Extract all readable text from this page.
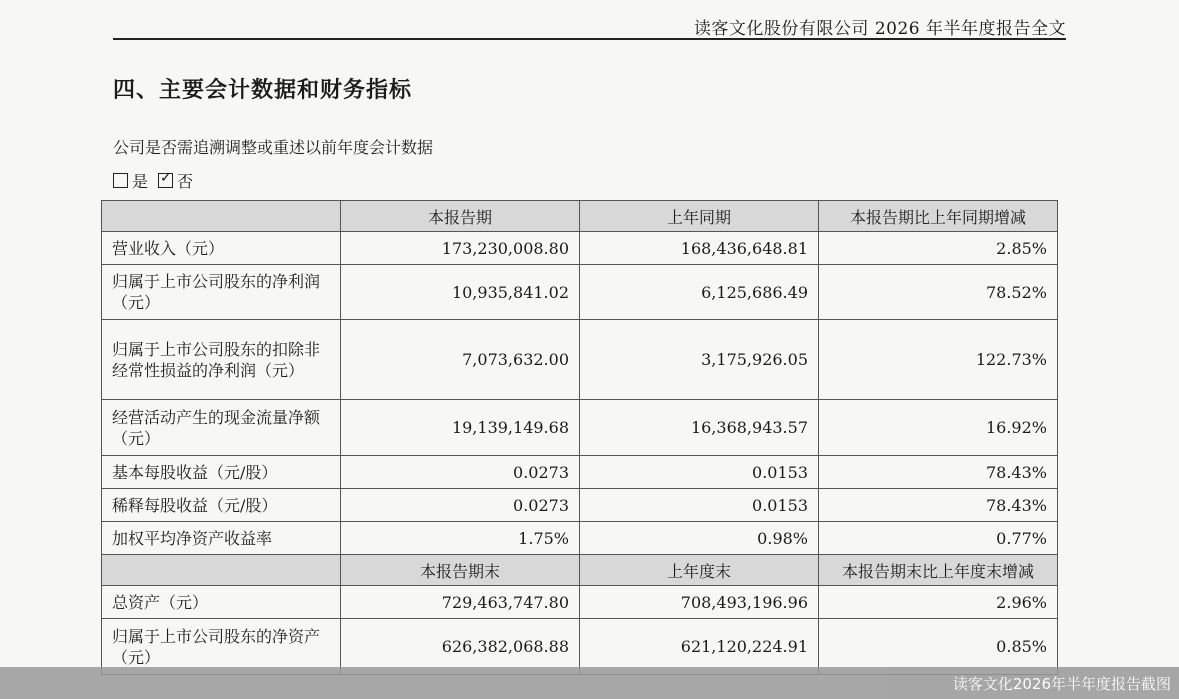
读客文化股份有限公司 2026 年半年度报告全文
四、主要会计数据和财务指标
公司是否需追溯调整或重述以前年度会计数据
是 ✓ 否
	本报告期	上年同期	本报告期比上年同期增减
营业收入（元）	173,230,008.80	168,436,648.81	2.85%
归属于上市公司股东的净利润（元）	10,935,841.02	6,125,686.49	78.52%
归属于上市公司股东的扣除非经常性损益的净利润（元）	7,073,632.00	3,175,926.05	122.73%
经营活动产生的现金流量净额（元）	19,139,149.68	16,368,943.57	16.92%
基本每股收益（元/股）	0.0273	0.0153	78.43%
稀释每股收益（元/股）	0.0273	0.0153	78.43%
加权平均净资产收益率	1.75%	0.98%	0.77%
	本报告期末	上年度末	本报告期末比上年度末增减
总资产（元）	729,463,747.80	708,493,196.96	2.96%
归属于上市公司股东的净资产（元）	626,382,068.88	621,120,224.91	0.85%
读客文化2026年半年度报告截图
